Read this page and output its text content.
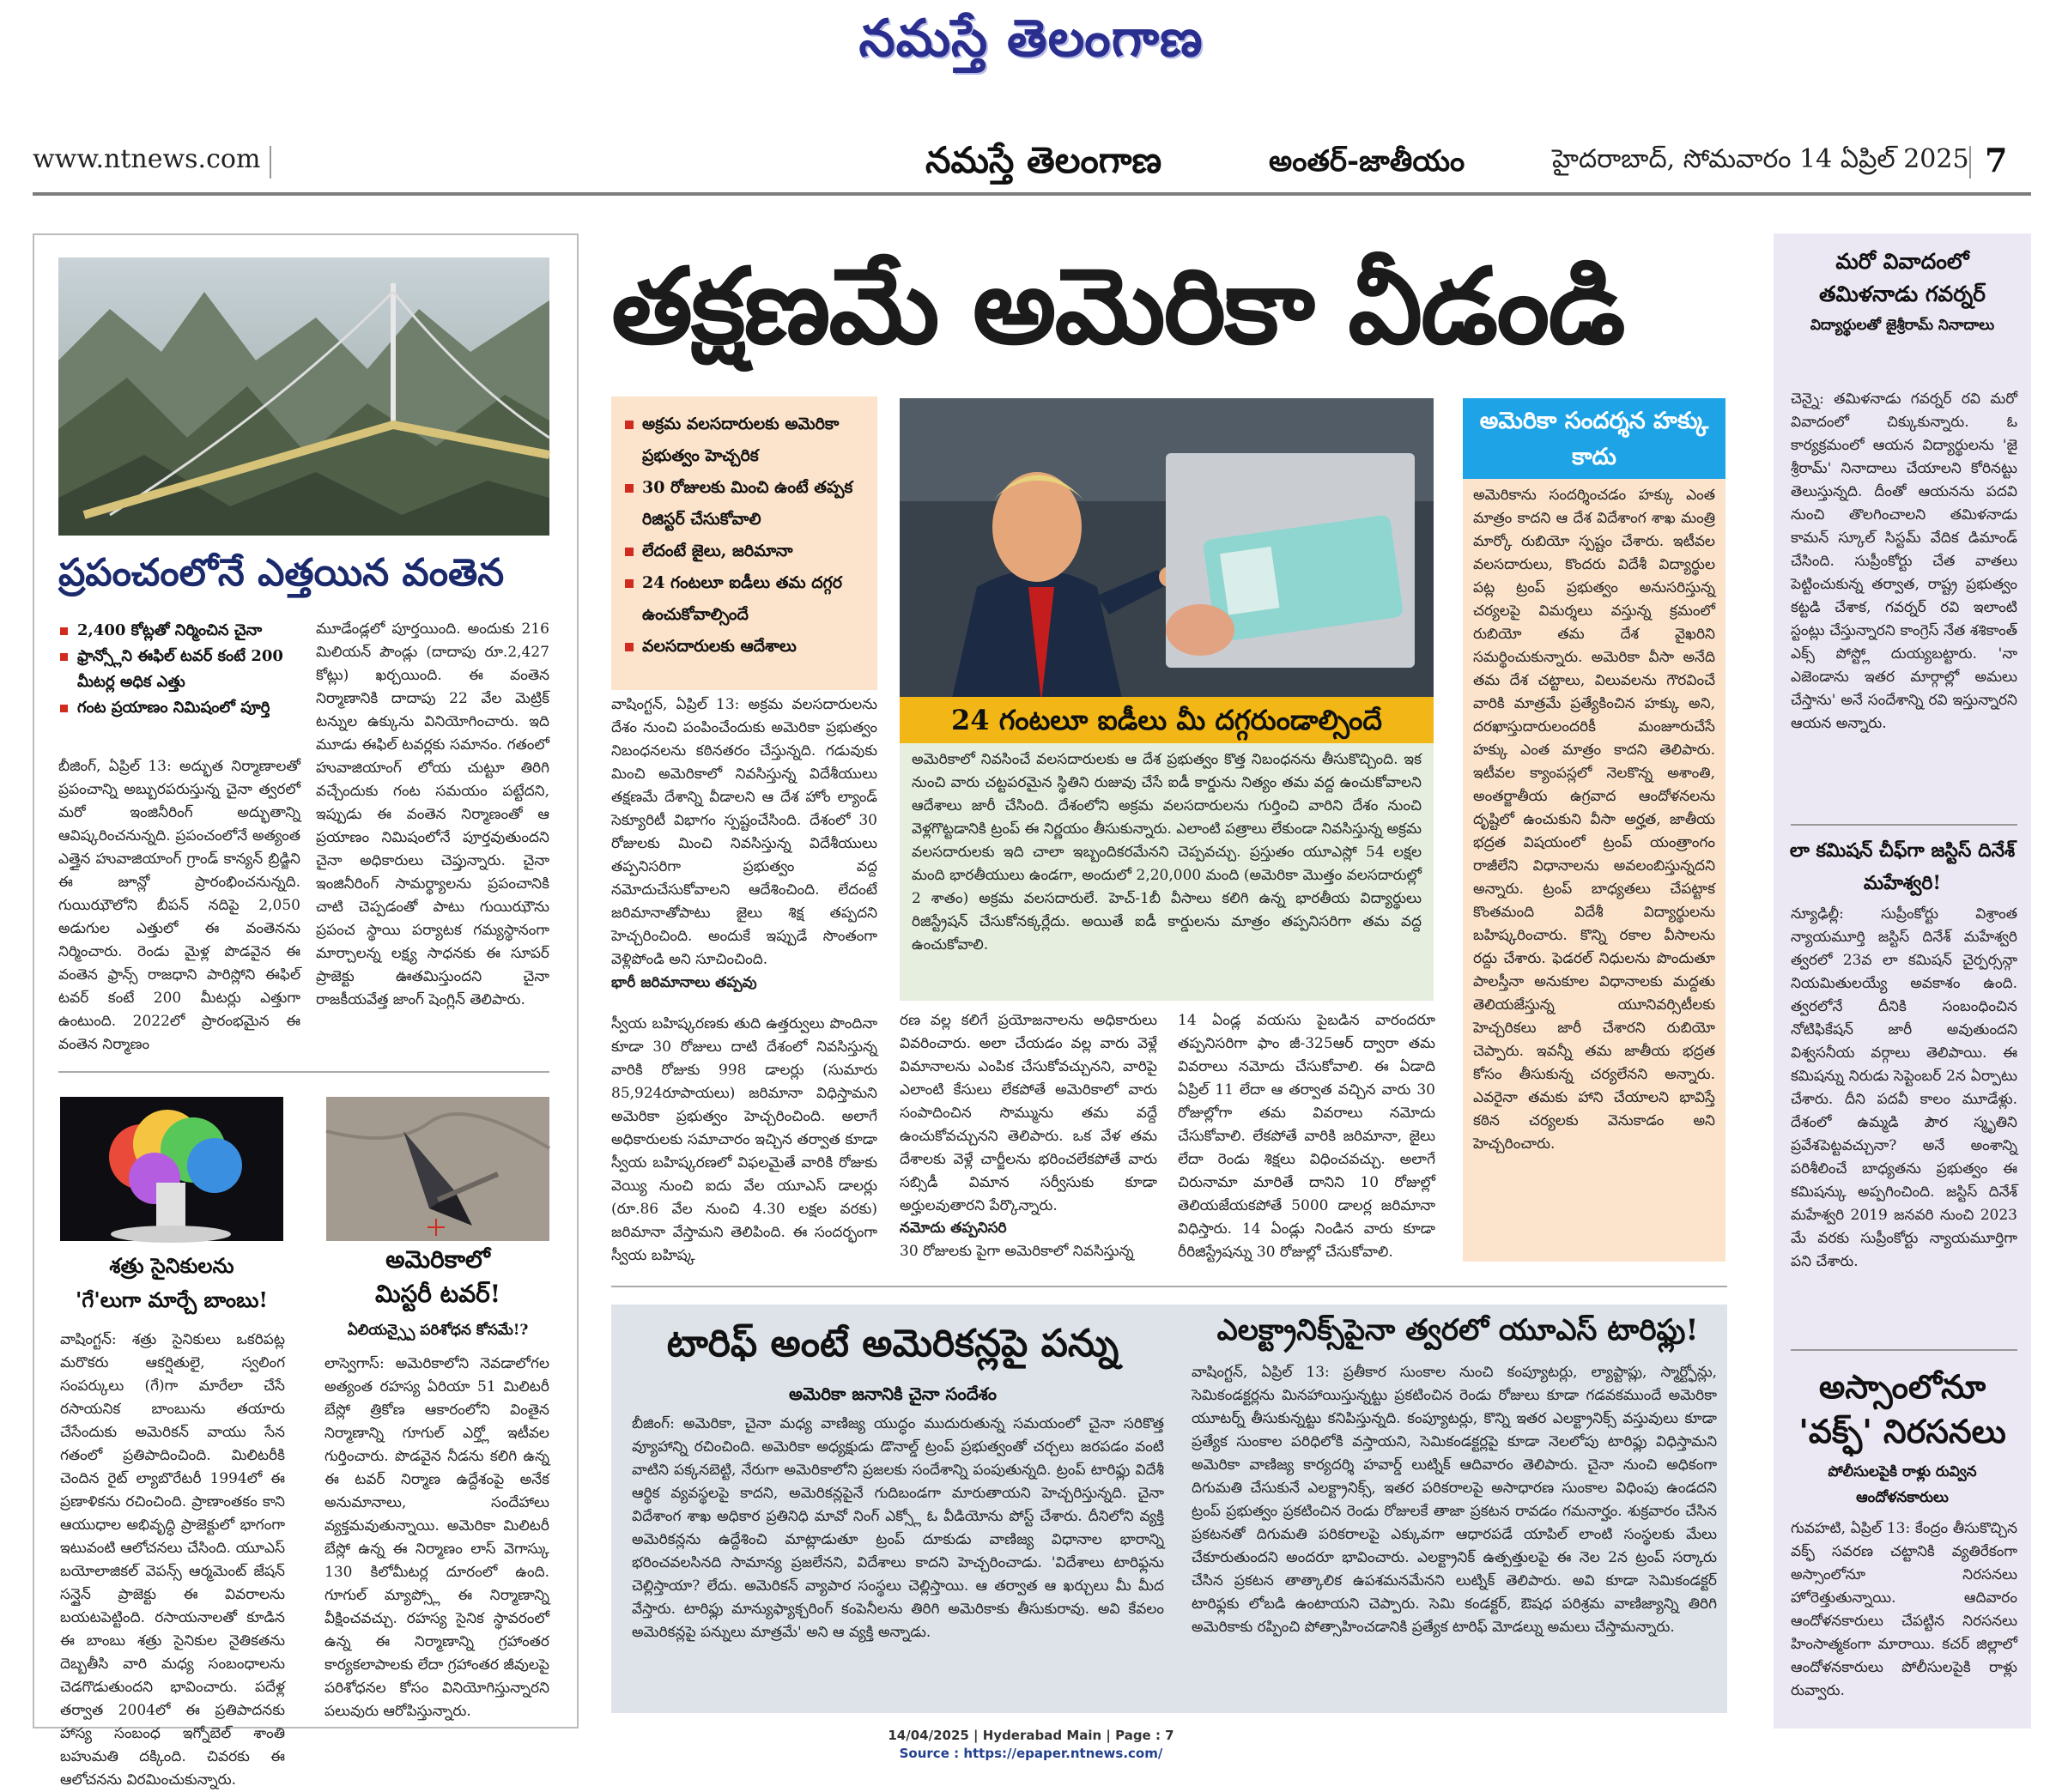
నమస్తే తెలంగాణ
www.ntnews.com	నమస్తే తెలంగాణ	అంతర్-జాతీయం	హైదరాబాద్, సోమవారం 14 ఏప్రిల్ 2025 7
ప్రపంచంలోనే ఎత్తయిన వంతెన
2,400 కోట్లతో నిర్మించిన చైనా
ఫ్రాన్స్లోని ఈఫిల్ టవర్ కంటే 200 మీటర్ల అధిక ఎత్తు
గంట ప్రయాణం నిమిషంలో పూర్తి
బీజింగ్, ఏప్రిల్ 13: అద్భుత నిర్మాణాలతో ప్రపంచాన్ని అబ్బురపరుస్తున్న చైనా త్వరలో మరో ఇంజినీరింగ్ అద్భుతాన్ని ఆవిష్కరించనున్నది. ప్రపంచంలోనే అత్యంత ఎత్తైన హువాజియాంగ్ గ్రాండ్ కాన్యన్ బ్రిడ్జిని ఈ జూన్లో ప్రారంభించనున్నది. గుయిఝౌలోని బీపన్ నదిపై 2,050 అడుగుల ఎత్తులో ఈ వంతెనను నిర్మించారు. రెండు మైళ్ల పొడవైన ఈ వంతెన ఫ్రాన్స్ రాజధాని పారిస్లోని ఈఫిల్ టవర్ కంటే 200 మీటర్లు ఎత్తుగా ఉంటుంది. 2022లో ప్రారంభమైన ఈ వంతెన నిర్మాణం
మూడేండ్లలో పూర్తయింది. అందుకు 216 మిలియన్ పౌండ్లు (దాదాపు రూ.2,427 కోట్లు) ఖర్చయింది. ఈ వంతెన నిర్మాణానికి దాదాపు 22 వేల మెట్రిక్ టన్నుల ఉక్కును వినియోగించారు. ఇది మూడు ఈఫిల్ టవర్లకు సమానం. గతంలో హువాజియాంగ్ లోయ చుట్టూ తిరిగి వచ్చేందుకు గంట సమయం పట్టేదని, ఇప్పుడు ఈ వంతెన నిర్మాణంతో ఆ ప్రయాణం నిమిషంలోనే పూర్తవుతుందని చైనా అధికారులు చెప్తున్నారు. చైనా ఇంజినీరింగ్ సామర్థ్యాలను ప్రపంచానికి చాటి చెప్పడంతో పాటు గుయిఝౌను ప్రపంచ స్థాయి పర్యాటక గమ్యస్థానంగా మార్చాలన్న లక్ష్య సాధనకు ఈ సూపర్ ప్రాజెక్టు ఊతమిస్తుందని చైనా రాజకీయవేత్త జాంగ్ షెంగ్లిన్ తెలిపారు.
శత్రు సైనికులను
'గే'లుగా మార్చే బాంబు!
వాషింగ్టన్: శత్రు సైనికులు ఒకరిపట్ల మరొకరు ఆకర్షితులై, స్వలింగ సంపర్కులు (గే)గా మారేలా చేసే రసాయనిక బాంబును తయారు చేసేందుకు అమెరికన్ వాయు సేన గతంలో ప్రతిపాదించింది. మిలిటరీకి చెందిన రైట్ ల్యాబొరేటరీ 1994లో ఈ ప్రణాళికను రచించింది. ప్రాణాంతకం కాని ఆయుధాల అభివృద్ధి ప్రాజెక్టులో భాగంగా ఇటువంటి ఆలోచనలు చేసింది. యూఎస్ బయోలాజికల్ వెపన్స్ ఆర్మమెంట్ జేషన్ సన్షైన్ ప్రాజెక్టు ఈ వివరాలను బయటపెట్టింది. రసాయనాలతో కూడిన ఈ బాంబు శత్రు సైనికుల నైతికతను దెబ్బతీసి వారి మధ్య సంబంధాలను చెడగొడుతుందని భావించారు. పదేళ్ల తర్వాత 2004లో ఈ ప్రతిపాదనకు హాస్య సంబంధ ఇగ్నోబెల్ శాంతి బహుమతి దక్కింది. చివరకు ఈ ఆలోచనను విరమించుకున్నారు.
అమెరికాలో
మిస్టరీ టవర్!
ఏలియన్స్పై పరిశోధన కోసమే!?
లాస్వెగాస్: అమెరికాలోని నెవడాలోగల అత్యంత రహస్య ఏరియా 51 మిలిటరీ బేస్లో త్రికోణ ఆకారంలోని వింతైన నిర్మాణాన్ని గూగుల్ ఎర్త్లో ఇటీవల గుర్తించారు. పొడవైన నీడను కలిగి ఉన్న ఈ టవర్ నిర్మాణ ఉద్దేశంపై అనేక అనుమానాలు, సందేహాలు వ్యక్తమవుతున్నాయి. అమెరికా మిలిటరీ బేస్లో ఉన్న ఈ నిర్మాణం లాస్ వెగాస్కు 130 కిలోమీటర్ల దూరంలో ఉంది. గూగుల్ మ్యాప్స్లో ఈ నిర్మాణాన్ని వీక్షించవచ్చు. రహస్య సైనిక స్థావరంలో ఉన్న ఈ నిర్మాణాన్ని గ్రహాంతర కార్యకలాపాలకు లేదా గ్రహాంతర జీవులపై పరిశోధనల కోసం వినియోగిస్తున్నారని పలువురు ఆరోపిస్తున్నారు.
తక్షణమే అమెరికా వీడండి
అక్రమ వలసదారులకు అమెరికా ప్రభుత్వం హెచ్చరిక
30 రోజులకు మించి ఉంటే తప్పక రిజిస్టర్ చేసుకోవాలి
లేదంటే జైలు, జరిమానా
24 గంటలూ ఐడీలు తమ దగ్గర ఉంచుకోవాల్సిందే
వలసదారులకు ఆదేశాలు
వాషింగ్టన్, ఏప్రిల్ 13: అక్రమ వలసదారులను దేశం నుంచి పంపించేందుకు అమెరికా ప్రభుత్వం నిబంధనలను కఠినతరం చేస్తున్నది. గడువుకు మించి అమెరికాలో నివసిస్తున్న విదేశీయులు తక్షణమే దేశాన్ని వీడాలని ఆ దేశ హోం ల్యాండ్ సెక్యూరిటీ విభాగం స్పష్టంచేసింది. దేశంలో 30 రోజులకు మించి నివసిస్తున్న విదేశీయులు తప్పనిసరిగా ప్రభుత్వం వద్ద నమోదుచేసుకోవాలని ఆదేశించింది. లేదంటే జరిమానాతోపాటు జైలు శిక్ష తప్పదని హెచ్చరించింది. అందుకే ఇప్పుడే సొంతంగా వెళ్లిపోండి అని సూచించింది.
భారీ జరిమానాలు తప్పవు
స్వీయ బహిష్కరణకు తుది ఉత్తర్వులు పొందినా కూడా 30 రోజులు దాటి దేశంలో నివసిస్తున్న వారికి రోజుకు 998 డాలర్లు (సుమారు 85,924రూపాయలు) జరిమానా విధిస్తామని అమెరికా ప్రభుత్వం హెచ్చరించింది. అలాగే అధికారులకు సమాచారం ఇచ్చిన తర్వాత కూడా స్వీయ బహిష్కరణలో విఫలమైతే వారికి రోజుకు వెయ్యి నుంచి ఐదు వేల యూఎస్ డాలర్లు (రూ.86 వేల నుంచి 4.30 లక్షల వరకు) జరిమానా వేస్తామని తెలిపింది. ఈ సందర్భంగా స్వీయ బహిష్క
24 గంటలూ ఐడీలు మీ దగ్గరుండాల్సిందే
అమెరికాలో నివసించే వలసదారులకు ఆ దేశ ప్రభుత్వం కొత్త నిబంధనను తీసుకొచ్చింది. ఇక నుంచి వారు చట్టపరమైన స్థితిని రుజువు చేసే ఐడీ కార్డును నిత్యం తమ వద్ద ఉంచుకోవాలని ఆదేశాలు జారీ చేసింది. దేశంలోని అక్రమ వలసదారులను గుర్తించి వారిని దేశం నుంచి వెళ్లగొట్టడానికి ట్రంప్ ఈ నిర్ణయం తీసుకున్నారు. ఎలాంటి పత్రాలు లేకుండా నివసిస్తున్న అక్రమ వలసదారులకు ఇది చాలా ఇబ్బందికరమేనని చెప్పవచ్చు. ప్రస్తుతం యూఎస్లో 54 లక్షల మంది భారతీయులు ఉండగా, అందులో 2,20,000 మంది (అమెరికా మొత్తం వలసదారుల్లో 2 శాతం) అక్రమ వలసదారులే. హెచ్-1బీ వీసాలు కలిగి ఉన్న భారతీయ విద్యార్థులు రిజిస్ట్రేషన్ చేసుకోనక్కర్లేదు. అయితే ఐడీ కార్డులను మాత్రం తప్పనిసరిగా తమ వద్ద ఉంచుకోవాలి.
రణ వల్ల కలిగే ప్రయోజనాలను అధికారులు వివరించారు. అలా చేయడం వల్ల వారు వెళ్లే విమానాలను ఎంపిక చేసుకోవచ్చునని, వారిపై ఎలాంటి కేసులు లేకపోతే అమెరికాలో వారు సంపాదించిన సొమ్మును తమ వద్దే ఉంచుకోవచ్చునని తెలిపారు. ఒక వేళ తమ దేశాలకు వెళ్లే చార్జీలను భరించలేకపోతే వారు సబ్సిడీ విమాన సర్వీసుకు కూడా అర్హులవుతారని పేర్కొన్నారు.
నమోదు తప్పనిసరి
30 రోజులకు పైగా అమెరికాలో నివసిస్తున్న
14 ఏండ్ల వయసు పైబడిన వారందరూ తప్పనిసరిగా ఫాం జీ-325ఆర్ ద్వారా తమ వివరాలు నమోదు చేసుకోవాలి. ఈ ఏడాది ఏప్రిల్ 11 లేదా ఆ తర్వాత వచ్చిన వారు 30 రోజుల్లోగా తమ వివరాలు నమోదు చేసుకోవాలి. లేకపోతే వారికి జరిమానా, జైలు లేదా రెండు శిక్షలు విధించవచ్చు. అలాగే చిరునామా మారితే దానిని 10 రోజుల్లో తెలియజేయకపోతే 5000 డాలర్ల జరిమానా విధిస్తారు. 14 ఏండ్లు నిండిన వారు కూడా రీరిజిస్ట్రేషన్ను 30 రోజుల్లో చేసుకోవాలి.
అమెరికా సందర్శన హక్కు కాదు
అమెరికాను సందర్శించడం హక్కు ఎంత మాత్రం కాదని ఆ దేశ విదేశాంగ శాఖ మంత్రి మార్కో రుబియో స్పష్టం చేశారు. ఇటీవల వలసదారులు, కొందరు విదేశీ విద్యార్థుల పట్ల ట్రంప్ ప్రభుత్వం అనుసరిస్తున్న చర్యలపై విమర్శలు వస్తున్న క్రమంలో రుబియో తమ దేశ వైఖరిని సమర్థించుకున్నారు. అమెరికా వీసా అనేది తమ దేశ చట్టాలు, విలువలను గౌరవించే వారికి మాత్రమే ప్రత్యేకించిన హక్కు అని, దరఖాస్తుదారులందరికీ మంజూరుచేసే హక్కు ఎంత మాత్రం కాదని తెలిపారు. ఇటీవల క్యాంపస్లలో నెలకొన్న అశాంతి, అంతర్జాతీయ ఉగ్రవాద ఆందోళనలను దృష్టిలో ఉంచుకుని వీసా అర్హత, జాతీయ భద్రత విషయంలో ట్రంప్ యంత్రాంగం రాజీలేని విధానాలను అవలంబిస్తున్నదని అన్నారు. ట్రంప్ బాధ్యతలు చేపట్టాక కొంతమంది విదేశీ విద్యార్థులను బహిష్కరించారు. కొన్ని రకాల వీసాలను రద్దు చేశారు. ఫెడరల్ నిధులను పొందుతూ పాలస్తీనా అనుకూల విధానాలకు మద్దతు తెలియజేస్తున్న యూనివర్సిటీలకు హెచ్చరికలు జారీ చేశారని రుబియో చెప్పారు. ఇవన్నీ తమ జాతీయ భద్రత కోసం తీసుకున్న చర్యలేనని అన్నారు. ఎవరైనా తమకు హాని చేయాలని భావిస్తే కఠిన చర్యలకు వెనుకాడం అని హెచ్చరించారు.
టారిఫ్ అంటే అమెరికన్లపై పన్ను
అమెరికా జనానికి చైనా సందేశం
బీజింగ్: అమెరికా, చైనా మధ్య వాణిజ్య యుద్ధం ముదురుతున్న సమయంలో చైనా సరికొత్త వ్యూహాన్ని రచించింది. అమెరికా అధ్యక్షుడు డొనాల్డ్ ట్రంప్ ప్రభుత్వంతో చర్చలు జరపడం వంటి వాటిని పక్కనబెట్టి, నేరుగా అమెరికాలోని ప్రజలకు సందేశాన్ని పంపుతున్నది. ట్రంప్ టారిఫ్లు విదేశీ ఆర్థిక వ్యవస్థలపై కాదని, అమెరికన్లపైనే గుదిబండగా మారుతాయని హెచ్చరిస్తున్నది. చైనా విదేశాంగ శాఖ అధికార ప్రతినిధి మావో నింగ్ ఎక్స్లో ఓ వీడియోను పోస్ట్ చేశారు. దీనిలోని వ్యక్తి అమెరికన్లను ఉద్దేశించి మాట్లాడుతూ ట్రంప్ దూకుడు వాణిజ్య విధానాల భారాన్ని భరించవలసినది సామాన్య ప్రజలేనని, విదేశాలు కాదని హెచ్చరించాడు. 'విదేశాలు టారిఫ్లను చెల్లిస్తాయా? లేదు. అమెరికన్ వ్యాపార సంస్థలు చెల్లిస్తాయి. ఆ తర్వాత ఆ ఖర్చులు మీ మీద వేస్తారు. టారిఫ్లు మాన్యుఫ్యాక్చరింగ్ కంపెనీలను తిరిగి అమెరికాకు తీసుకురావు. అవి కేవలం అమెరికన్లపై పన్నులు మాత్రమే' అని ఆ వ్యక్తి అన్నాడు.
ఎలక్ట్రానిక్స్‌పైనా త్వరలో యూఎస్ టారిఫ్లు!
వాషింగ్టన్, ఏప్రిల్ 13: ప్రతీకార సుంకాల నుంచి కంప్యూటర్లు, ల్యాప్టాప్లు, స్మార్ట్ఫోన్లు, సెమికండక్టర్లను మినహాయిస్తున్నట్టు ప్రకటించిన రెండు రోజులు కూడా గడవకముందే అమెరికా యూటర్న్ తీసుకున్నట్టు కనిపిస్తున్నది. కంప్యూటర్లు, కొన్ని ఇతర ఎలక్ట్రానిక్స్ వస్తువులు కూడా ప్రత్యేక సుంకాల పరిధిలోకి వస్తాయని, సెమికండక్టర్లపై కూడా నెలలోపు టారిఫ్లు విధిస్తామని అమెరికా వాణిజ్య కార్యదర్శి హవార్డ్ లుట్నిక్ ఆదివారం తెలిపారు. చైనా నుంచి అధికంగా దిగుమతి చేసుకునే ఎలక్ట్రానిక్స్, ఇతర పరికరాలపై అసాధారణ సుంకాల విధింపు ఉండదని ట్రంప్ ప్రభుత్వం ప్రకటించిన రెండు రోజులకే తాజా ప్రకటన రావడం గమనార్హం. శుక్రవారం చేసిన ప్రకటనతో దిగుమతి పరికరాలపై ఎక్కువగా ఆధారపడే యాపిల్ లాంటి సంస్థలకు మేలు చేకూరుతుందని అందరూ భావించారు. ఎలక్ట్రానిక్ ఉత్పత్తులపై ఈ నెల 2న ట్రంప్ సర్కారు చేసిన ప్రకటన తాత్కాలిక ఉపశమనమేనని లుట్నిక్ తెలిపారు. అవి కూడా సెమికండక్టర్ టారిఫ్లకు లోబడి ఉంటాయని చెప్పారు. సెమి కండక్టర్, ఔషధ పరిశ్రమ వాణిజ్యాన్ని తిరిగి అమెరికాకు రప్పించి పోత్సాహించడానికి ప్రత్యేక టారిఫ్ మోడల్ను అమలు చేస్తామన్నారు.
మరో వివాదంలో తమిళనాడు గవర్నర్
విద్యార్థులతో జైశ్రీరామ్ నినాదాలు
చెన్నై: తమిళనాడు గవర్నర్ రవి మరో వివాదంలో చిక్కుకున్నారు. ఓ కార్యక్రమంలో ఆయన విద్యార్థులను 'జై శ్రీరామ్' నినాదాలు చేయాలని కోరినట్టు తెలుస్తున్నది. దీంతో ఆయనను పదవి నుంచి తొలగించాలని తమిళనాడు కామన్ స్కూల్ సిస్టమ్ వేదిక డిమాండ్ చేసింది. సుప్రీంకోర్టు చేత వాతలు పెట్టించుకున్న తర్వాత, రాష్ట్ర ప్రభుత్వం కట్టడి చేశాక, గవర్నర్ రవి ఇలాంటి స్టంట్లు చేస్తున్నారని కాంగ్రెస్ నేత శశికాంత్ ఎక్స్ పోస్ట్లో దుయ్యబట్టారు. 'నా ఎజెండాను ఇతర మార్గాల్లో అమలు చేస్తాను' అనే సందేశాన్ని రవి ఇస్తున్నారని ఆయన అన్నారు.
లా కమిషన్ చీఫ్‌గా జస్టిస్ దినేశ్ మహేశ్వరి!
న్యూఢిల్లీ: సుప్రీంకోర్టు విశ్రాంత న్యాయమూర్తి జస్టిస్ దినేశ్ మహేశ్వరి త్వరలో 23వ లా కమిషన్ చైర్పర్సన్గా నియమితులయ్యే అవకాశం ఉంది. త్వరలోనే దీనికి సంబంధించిన నోటిఫికేషన్ జారీ అవుతుందని విశ్వసనీయ వర్గాలు తెలిపాయి. ఈ కమిషన్ను నిరుడు సెప్టెంబర్ 2న ఏర్పాటు చేశారు. దీని పదవీ కాలం మూడేళ్లు. దేశంలో ఉమ్మడి పౌర స్మృతిని ప్రవేశపెట్టవచ్చునా? అనే అంశాన్ని పరిశీలించే బాధ్యతను ప్రభుత్వం ఈ కమిషన్కు అప్పగించింది. జస్టిస్ దినేశ్ మహేశ్వరి 2019 జనవరి నుంచి 2023 మే వరకు సుప్రీంకోర్టు న్యాయమూర్తిగా పని చేశారు.
అస్సాంలోనూ
'వక్ఫ్' నిరసనలు
పోలీసులపైకి రాళ్లు రువ్విన ఆందోళనకారులు
గువహటి, ఏప్రిల్ 13: కేంద్రం తీసుకొచ్చిన వక్ఫ్ సవరణ చట్టానికి వ్యతిరేకంగా అస్సాంలోనూ నిరసనలు హోరెత్తుతున్నాయి. ఆదివారం ఆందోళనకారులు చేపట్టిన నిరసనలు హింసాత్మకంగా మారాయి. కచర్ జిల్లాలో ఆందోళనకారులు పోలీసులపైకి రాళ్లు రువ్వారు.
14/04/2025 | Hyderabad Main | Page : 7
Source : https://epaper.ntnews.com/
